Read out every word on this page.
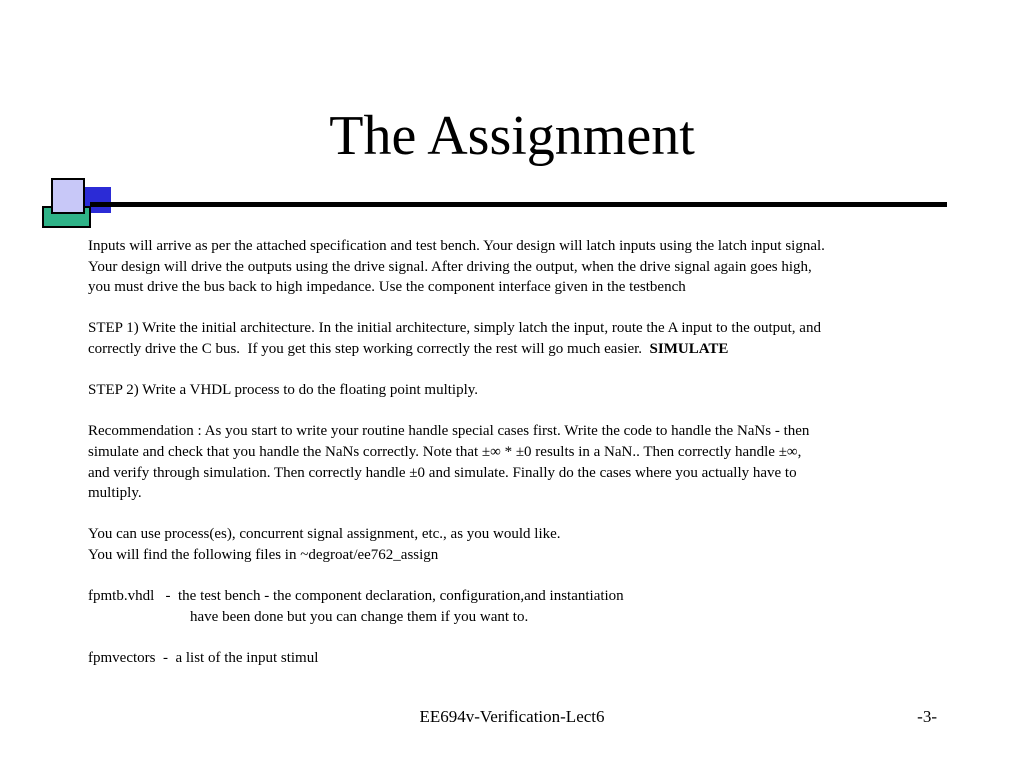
The Assignment

Inputs will arrive as per the attached specification and test bench. Your design will latch inputs using the latch input signal.
Your design will drive the outputs using the drive signal. After driving the output, when the drive signal again goes high,
you must drive the bus back to high impedance. Use the component interface given in the testbench

STEP 1) Write the initial architecture. In the initial architecture, simply latch the input, route the A input to the output, and
correctly drive the C bus.  If you get this step working correctly the rest will go much easier.  SIMULATE

STEP 2) Write a VHDL process to do the floating point multiply.

Recommendation : As you start to write your routine handle special cases first. Write the code to handle the NaNs - then
simulate and check that you handle the NaNs correctly. Note that ±∞ * ±0 results in a NaN.. Then correctly handle ±∞,
and verify through simulation. Then correctly handle ±0 and simulate. Finally do the cases where you actually have to
multiply.

You can use process(es), concurrent signal assignment, etc., as you would like.
You will find the following files in ~degroat/ee762_assign

fpmtb.vhdl   -  the test bench - the component declaration, configuration,and instantiation
have been done but you can change them if you want to.

fpmvectors  -  a list of the input stimul

EE694v-Verification-Lect6	-3-
